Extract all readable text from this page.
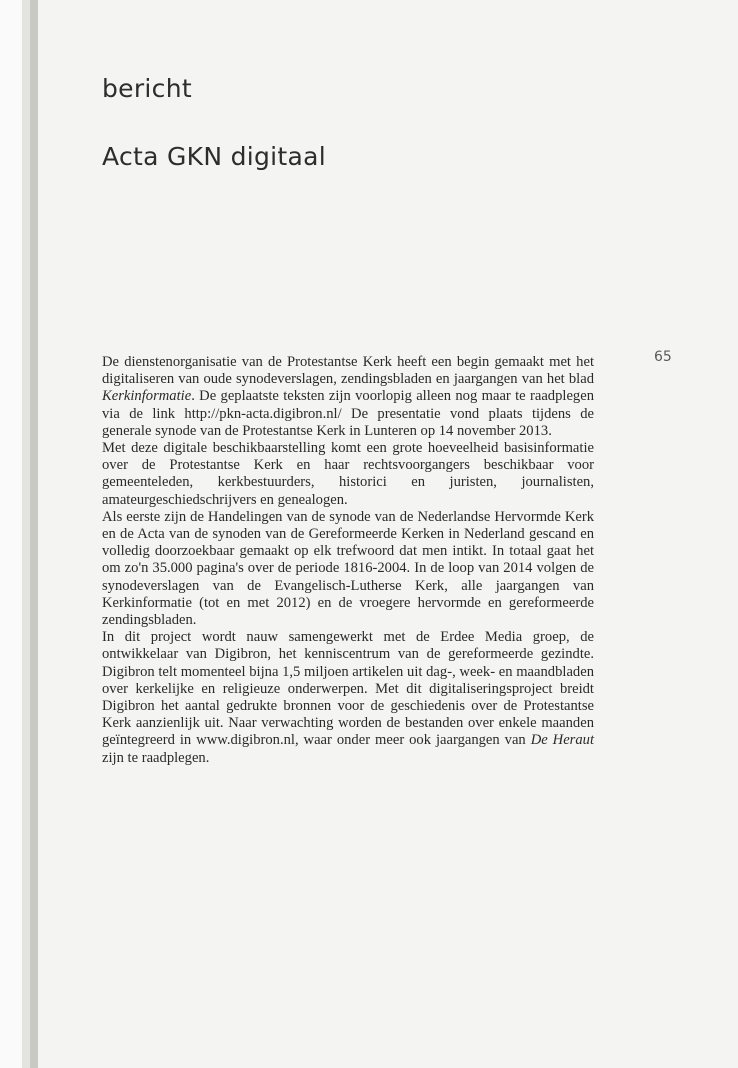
bericht
Acta GKN digitaal
65

De dienstenorganisatie van de Protestantse Kerk heeft een begin gemaakt met het digitaliseren van oude synodeverslagen, zendingsbladen en jaargangen van het blad Kerkinformatie. De geplaatste teksten zijn voorlopig alleen nog maar te raadplegen via de link http://pkn-acta.digibron.nl/ De presentatie vond plaats tijdens de generale synode van de Protestantse Kerk in Lunteren op 14 november 2013.

Met deze digitale beschikbaarstelling komt een grote hoeveelheid basisinformatie over de Protestantse Kerk en haar rechtsvoorgangers beschikbaar voor gemeenteleden, kerkbestuurders, historici en juristen, journalisten, amateurgeschiedschrijvers en genealogen.

Als eerste zijn de Handelingen van de synode van de Nederlandse Hervormde Kerk en de Acta van de synoden van de Gereformeerde Kerken in Nederland gescand en volledig doorzoekbaar gemaakt op elk trefwoord dat men intikt. In totaal gaat het om zo'n 35.000 pagina's over de periode 1816-2004. In de loop van 2014 volgen de synodeverslagen van de Evangelisch-Lutherse Kerk, alle jaargangen van Kerkinformatie (tot en met 2012) en de vroegere hervormde en gereformeerde zendingsbladen.

In dit project wordt nauw samengewerkt met de Erdee Media groep, de ontwikkelaar van Digibron, het kenniscentrum van de gereformeerde gezindte. Digibron telt momenteel bijna 1,5 miljoen artikelen uit dag-, week- en maandbladen over kerkelijke en religieuze onderwerpen. Met dit digitaliseringsproject breidt Digibron het aantal gedrukte bronnen voor de geschiedenis over de Protestantse Kerk aanzienlijk uit. Naar verwachting worden de bestanden over enkele maanden geïntegreerd in www.digibron.nl, waar onder meer ook jaargangen van De Heraut zijn te raadplegen.
